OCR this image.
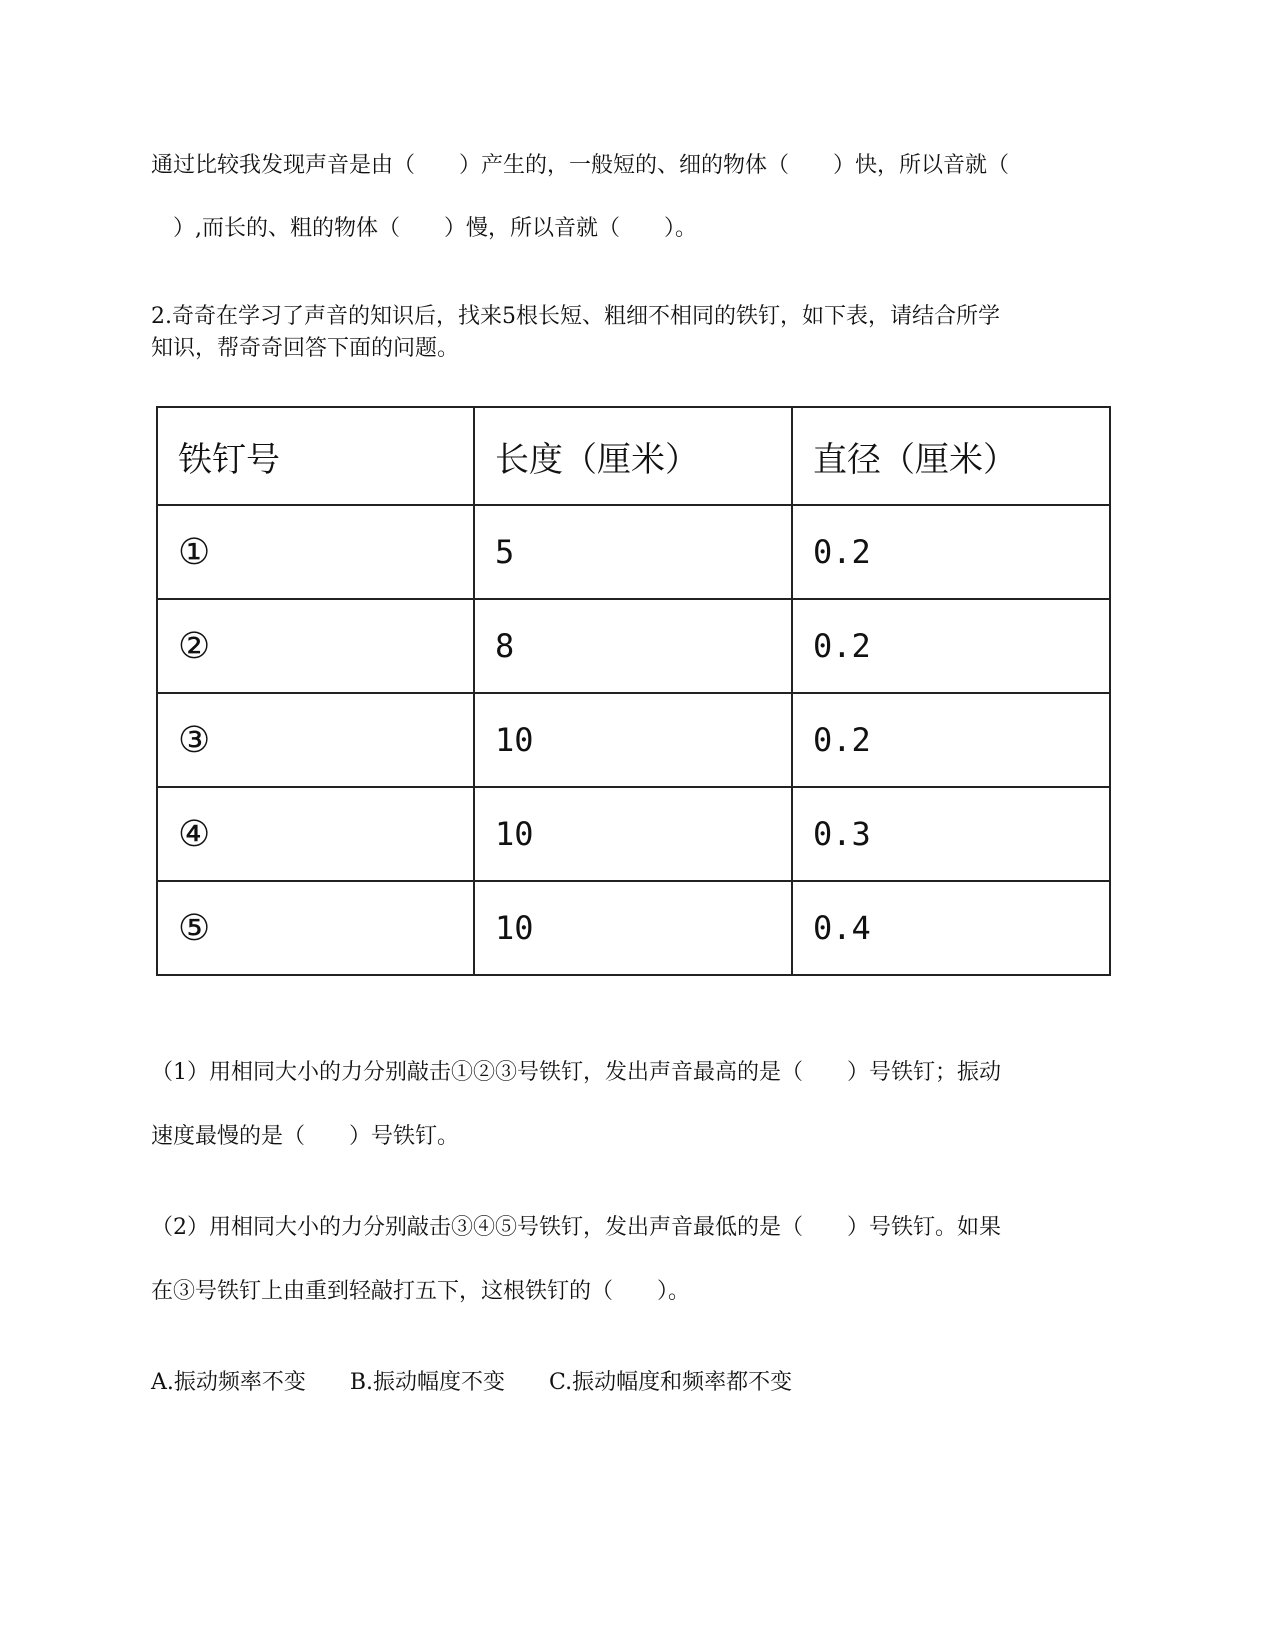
通过比较我发现声音是由（　　）产生的，一般短的、细的物体（　　）快，所以音就（
　）,而长的、粗的物体（　　）慢，所以音就（　　）。
2.奇奇在学习了声音的知识后，找来5根长短、粗细不相同的铁钉，如下表，请结合所学
知识，帮奇奇回答下面的问题。
铁钉号	长度（厘米）	直径（厘米）
①	5	0.2
②	8	0.2
③	10	0.2
④	10	0.3
⑤	10	0.4
（1）用相同大小的力分别敲击①②③号铁钉，发出声音最高的是（　　）号铁钉；振动
速度最慢的是（　　）号铁钉。
（2）用相同大小的力分别敲击③④⑤号铁钉，发出声音最低的是（　　）号铁钉。如果
在③号铁钉上由重到轻敲打五下，这根铁钉的（　　）。
A.振动频率不变　　B.振动幅度不变　　C.振动幅度和频率都不变
